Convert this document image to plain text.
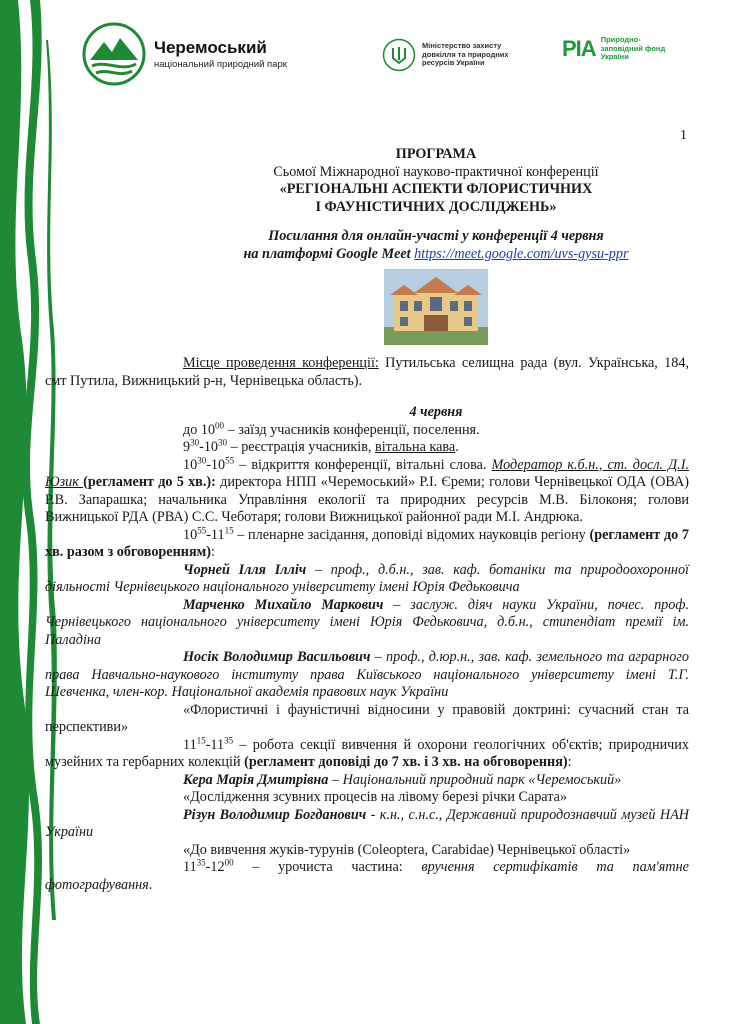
Черемоський
національний природний парк
Міністерство захисту довкілля та природних ресурсів України
РІА Природно-заповідний фонд України
1

ПРОГРАМА

Сьомої Міжнародної науково-практичної конференції

«РЕГІОНАЛЬНІ АСПЕКТИ ФЛОРИСТИЧНИХ

І ФАУНІСТИЧНИХ ДОСЛІДЖЕНЬ»

Посилання для онлайн-участі у конференції 4 червня

на платформі Google Meet https://meet.google.com/uvs-gysu-ppr

Місце проведення конференції: Путильська селищна рада (вул. Українська, 184, смт Путила, Вижницький р-н, Чернівецька область).

4 червня

до $10^{00}$ – заїзд учасників конференції, поселення.

$9^{30}-10^{30}$ – реєстрація учасників, вітальна кава.

$10^{30}-10^{55}$ – відкриття конференції, вітальні слова. Модератор к.б.н., ст. досл. Д.І. Юзик (регламент до 5 хв.): директора НПП «Черемоський» Р.І. Єреми; голови Чернівецької ОДА (ОВА) Р.В. Запарашка; начальника Управління екології та природних ресурсів М.В. Білоконя; голови Вижницької РДА (РВА) С.С. Чеботаря; голови Вижницької районної ради М.І. Андрюка.

$10^{55}-11^{15}$ – пленарне засідання, доповіді відомих науковців регіону (регламент до 7 хв. разом з обговоренням):

Чорней Ілля Ілліч – проф., д.б.н., зав. каф. ботаніки та природоохоронної діяльності Чернівецького національного університету імені Юрія Федьковича

Марченко Михайло Маркович – заслуж. діяч науки України, почес. проф. Чернівецького національного університету імені Юрія Федьковича, д.б.н., стипендіат премії ім. Паладіна

Носік Володимир Васильович – проф., д.юр.н., зав. каф. земельного та аграрного права Навчально-наукового інституту права Київського національного університету імені Т.Г. Шевченка, член-кор. Національної академія правових наук України

«Флористичні і фауністичні відносини у правовій доктрині: сучасний стан та перспективи»

$11^{15}-11^{35}$ – робота секції вивчення й охорони геологічних об'єктів; природничих музейних та гербарних колекцій (регламент доповіді до 7 хв. і 3 хв. на обговорення):

Кера Марія Дмитрівна – Національний природний парк «Черемоський»

«Дослідження зсувних процесів на лівому березі річки Сарата»

Різун Володимир Богданович - к.н., с.н.с., Державний природознавчий музей НАН України

«До вивчення жуків-турунів (Coleoptera, Carabidae) Чернівецької області»

$11^{35}-12^{00}$ – урочиста частина: вручення сертифікатів та пам'ятне фотографування.
